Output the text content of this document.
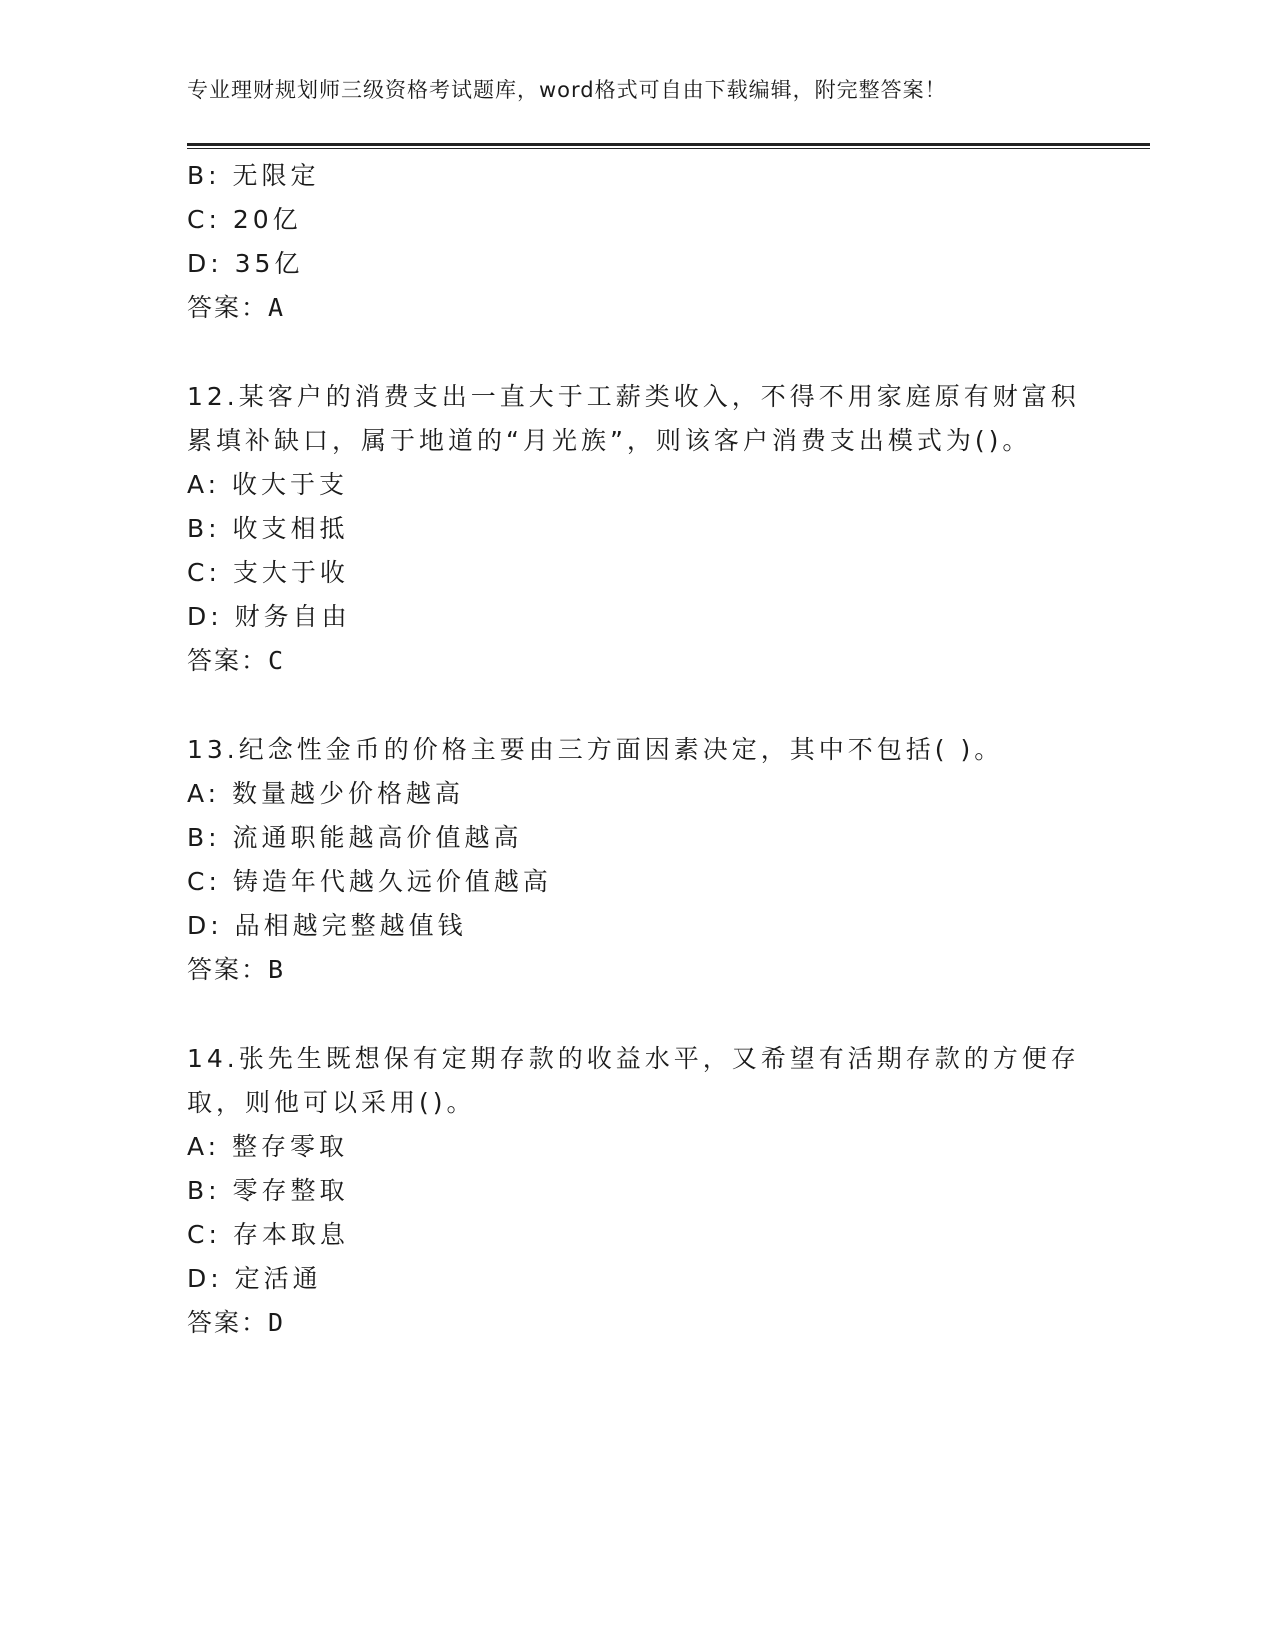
专业理财规划师三级资格考试题库，word格式可自由下载编辑，附完整答案！
B: 无限定
C: 20亿
D: 35亿
答案：A
12.某客户的消费支出一直大于工薪类收入，不得不用家庭原有财富积
累填补缺口，属于地道的“月光族”，则该客户消费支出模式为()。
A: 收大于支
B: 收支相抵
C: 支大于收
D: 财务自由
答案：C
13.纪念性金币的价格主要由三方面因素决定，其中不包括( )。
A: 数量越少价格越高
B: 流通职能越高价值越高
C: 铸造年代越久远价值越高
D: 品相越完整越值钱
答案：B
14.张先生既想保有定期存款的收益水平，又希望有活期存款的方便存
取，则他可以采用()。
A: 整存零取
B: 零存整取
C: 存本取息
D: 定活通
答案：D
